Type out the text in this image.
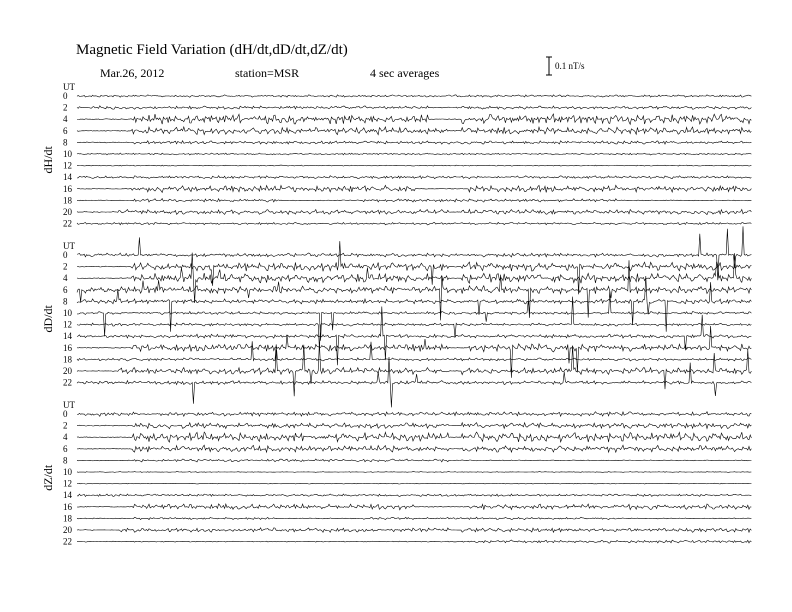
Magnetic Field Variation (dH/dt,dD/dt,dZ/dt)
Mar.26, 2012	station=MSR	4 sec averages	0.1 nT/s
UT
dH/dt
0
2
4
6
8
10
12
14
16
18
20
22
UT
dD/dt
0
2
4
6
8
10
12
14
16
18
20
22
UT
dZ/dt
0
2
4
6
8
10
12
14
16
18
20
22
